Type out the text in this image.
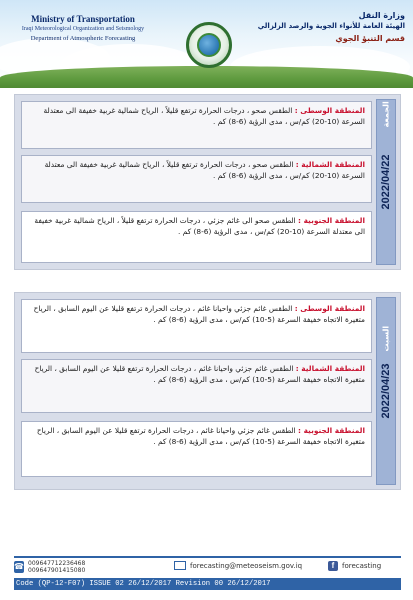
Ministry of Transportation
Iraqi Meteorological Organization and Seismology
Department of Atmospheric Forecasting
وزارة النقل
الهيئة العامة للأنواء الجوية والرصد الزلزالي
قسم التنبؤ الجوي
المنطقة الوسطى : الطقس صحو ، درجات الحرارة ترتفع قليلاً ، الرياح شمالية غربية خفيفة الى معتدلة السرعة (10-20) كم/س ، مدى الرؤية (6-8) كم .
المنطقة الشمالية : الطقس صحو ، درجات الحرارة ترتفع قليلاً ، الرياح شمالية غربية خفيفة الى معتدلة السرعة (10-20) كم/س ، مدى الرؤية (6-8) كم .
المنطقة الجنوبية : الطقس صحو الى غائم جزئي ، درجات الحرارة ترتفع قليلاً ، الرياح شمالية غربية خفيفة الى معتدلة السرعة (10-20) كم/س ، مدى الرؤية (6-8) كم .
2022/04/22
الجمعة
المنطقة الوسطى : الطقس غائم جزئي واحيانا غائم ، درجات الحرارة ترتفع قليلا عن اليوم السابق ، الرياح متغيرة الاتجاه خفيفة السرعة (5-10) كم/س ، مدى الرؤية (6-8) كم .
المنطقة الشمالية : الطقس غائم جزئي واحيانا غائم ، درجات الحرارة ترتفع قليلا عن اليوم السابق ، الرياح متغيرة الاتجاه خفيفة السرعة (5-10) كم/س ، مدى الرؤية (6-8) كم .
المنطقة الجنوبية : الطقس غائم جزئي واحيانا غائم ، درجات الحرارة ترتفع قليلا عن اليوم السابق ، الرياح متغيرة الاتجاه خفيفة السرعة (5-10) كم/س ، مدى الرؤية (6-8) كم .
2022/04/23
السبت
☎ 009647712236468
009647901415080
forecasting@meteoseism.gov.iq	f	forecasting
Code (QP-12-F07) ISSUE 02 26/12/2017 Revision 00 26/12/2017
